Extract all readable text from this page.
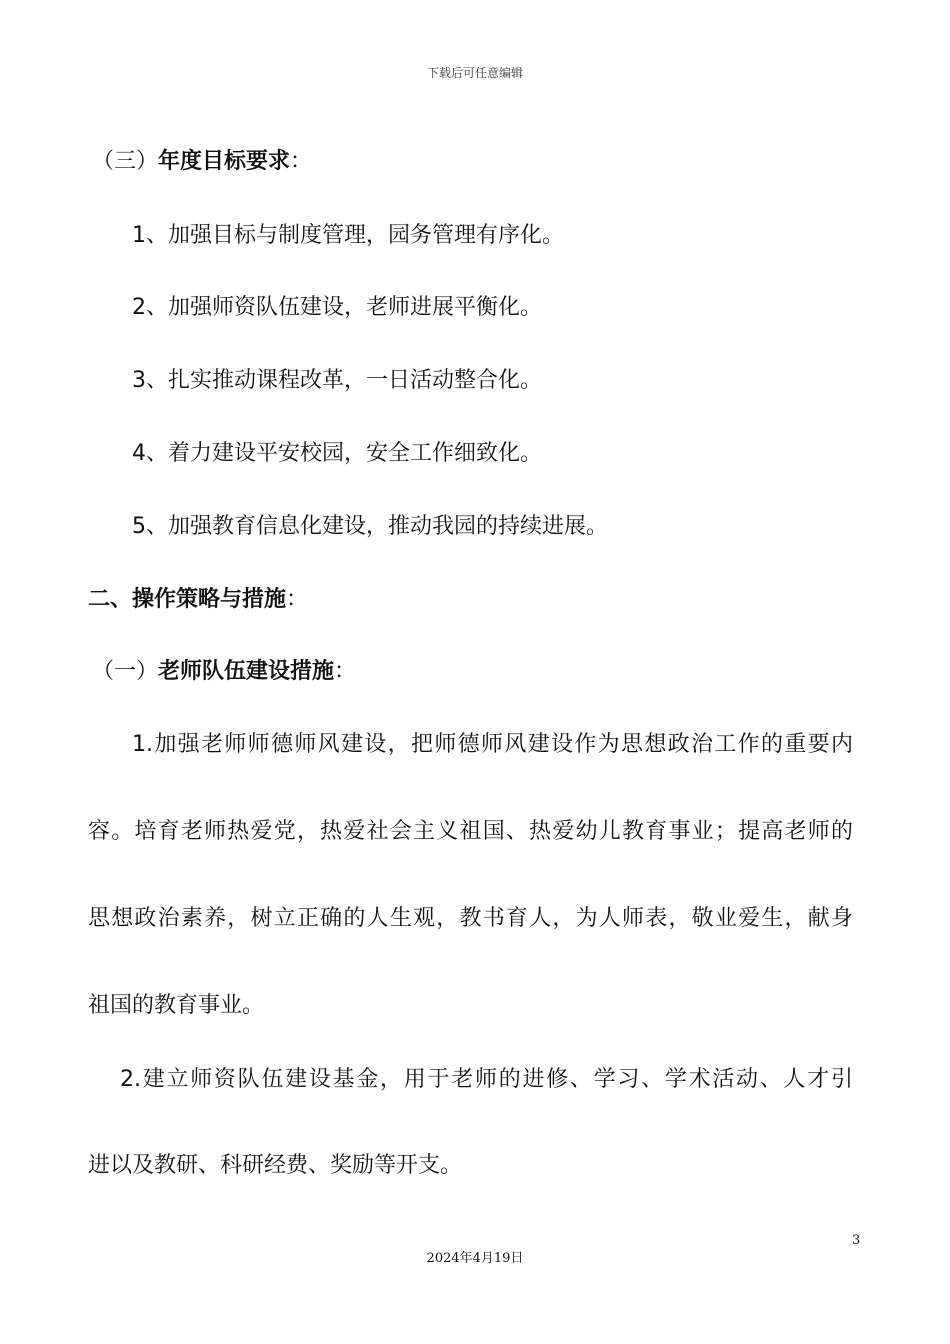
下载后可任意编辑
（三）年度目标要求：
1、加强目标与制度管理，园务管理有序化。
2、加强师资队伍建设，老师进展平衡化。
3、扎实推动课程改革，一日活动整合化。
4、着力建设平安校园，安全工作细致化。
5、加强教育信息化建设，推动我园的持续进展。
二、操作策略与措施：
（一）老师队伍建设措施：
1.加强老师师德师风建设，把师德师风建设作为思想政治工作的重要内
容。培育老师热爱党，热爱社会主义祖国、热爱幼儿教育事业；提高老师的
思想政治素养，树立正确的人生观，教书育人，为人师表，敬业爱生，献身
祖国的教育事业。
2.建立师资队伍建设基金，用于老师的进修、学习、学术活动、人才引
进以及教研、科研经费、奖励等开支。
3
2024年4月19日
